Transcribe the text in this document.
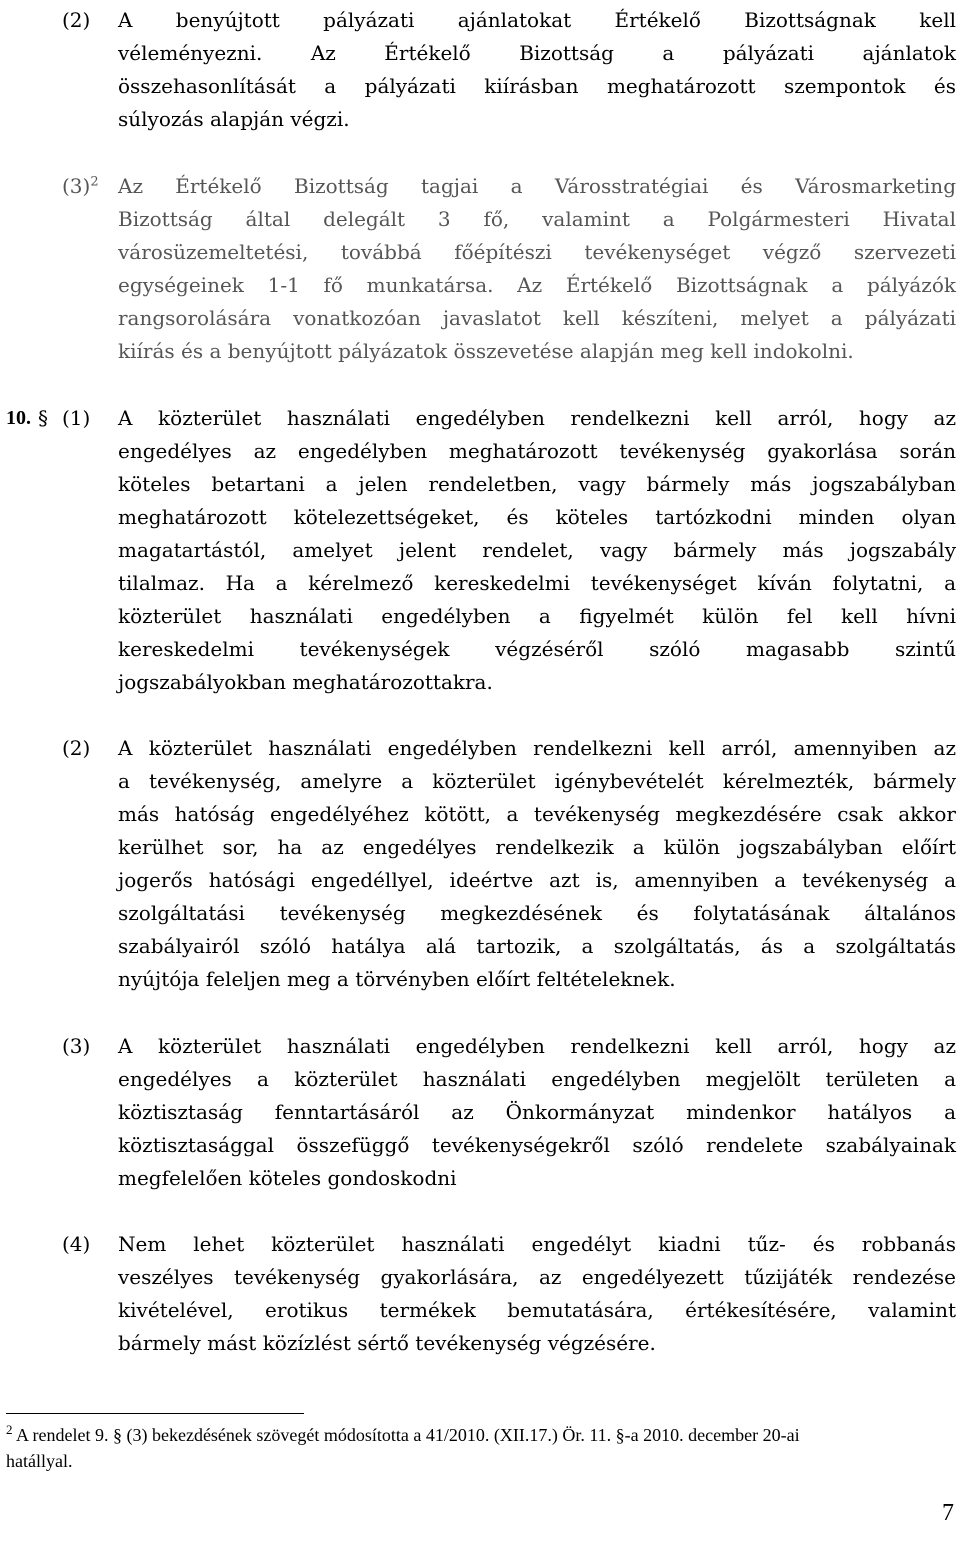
(2) A benyújtott pályázati ajánlatokat Értékelő Bizottságnak kell
véleményezni. Az Értékelő Bizottság a pályázati ajánlatok
összehasonlítását a pályázati kiírásban meghatározott szempontok és
súlyozás alapján végzi.
$(3)^2$ Az Értékelő Bizottság tagjai a Városstratégiai és Városmarketing
Bizottság által delegált 3 fő, valamint a Polgármesteri Hivatal
városüzemeltetési, továbbá főépítészi tevékenységet végző szervezeti
egységeinek 1-1 fő munkatársa. Az Értékelő Bizottságnak a pályázók
rangsorolására vonatkozóan javaslatot kell készíteni, melyet a pályázati
kiírás és a benyújtott pályázatok összevetése alapján meg kell indokolni.
10. § (1) A közterület használati engedélyben rendelkezni kell arról, hogy az
engedélyes az engedélyben meghatározott tevékenység gyakorlása során
köteles betartani a jelen rendeletben, vagy bármely más jogszabályban
meghatározott kötelezettségeket, és köteles tartózkodni minden olyan
magatartástól, amelyet jelent rendelet, vagy bármely más jogszabály
tilalmaz. Ha a kérelmező kereskedelmi tevékenységet kíván folytatni, a
közterület használati engedélyben a figyelmét külön fel kell hívni
kereskedelmi tevékenységek végzéséről szóló magasabb szintű
jogszabályokban meghatározottakra.
(2) A közterület használati engedélyben rendelkezni kell arról, amennyiben az
a tevékenység, amelyre a közterület igénybevételét kérelmezték, bármely
más hatóság engedélyéhez kötött, a tevékenység megkezdésére csak akkor
kerülhet sor, ha az engedélyes rendelkezik a külön jogszabályban előírt
jogerős hatósági engedéllyel, ideértve azt is, amennyiben a tevékenység a
szolgáltatási tevékenység megkezdésének és folytatásának általános
szabályairól szóló hatálya alá tartozik, a szolgáltatás, ás a szolgáltatás
nyújtója feleljen meg a törvényben előírt feltételeknek.
(3) A közterület használati engedélyben rendelkezni kell arról, hogy az
engedélyes a közterület használati engedélyben megjelölt területen a
köztisztaság fenntartásáról az Önkormányzat mindenkor hatályos a
köztisztasággal összefüggő tevékenységekről szóló rendelete szabályainak
megfelelően köteles gondoskodni
(4) Nem lehet közterület használati engedélyt kiadni tűz- és robbanás
veszélyes tevékenység gyakorlására, az engedélyezett tűzijáték rendezése
kivételével, erotikus termékek bemutatására, értékesítésére, valamint
bármely mást közízlést sértő tevékenység végzésére.
$^2$ A rendelet 9. § (3) bekezdésének szövegét módosította a 41/2010. (XII.17.) Ör. 11. §-a 2010. december 20-ai
hatállyal.
7
